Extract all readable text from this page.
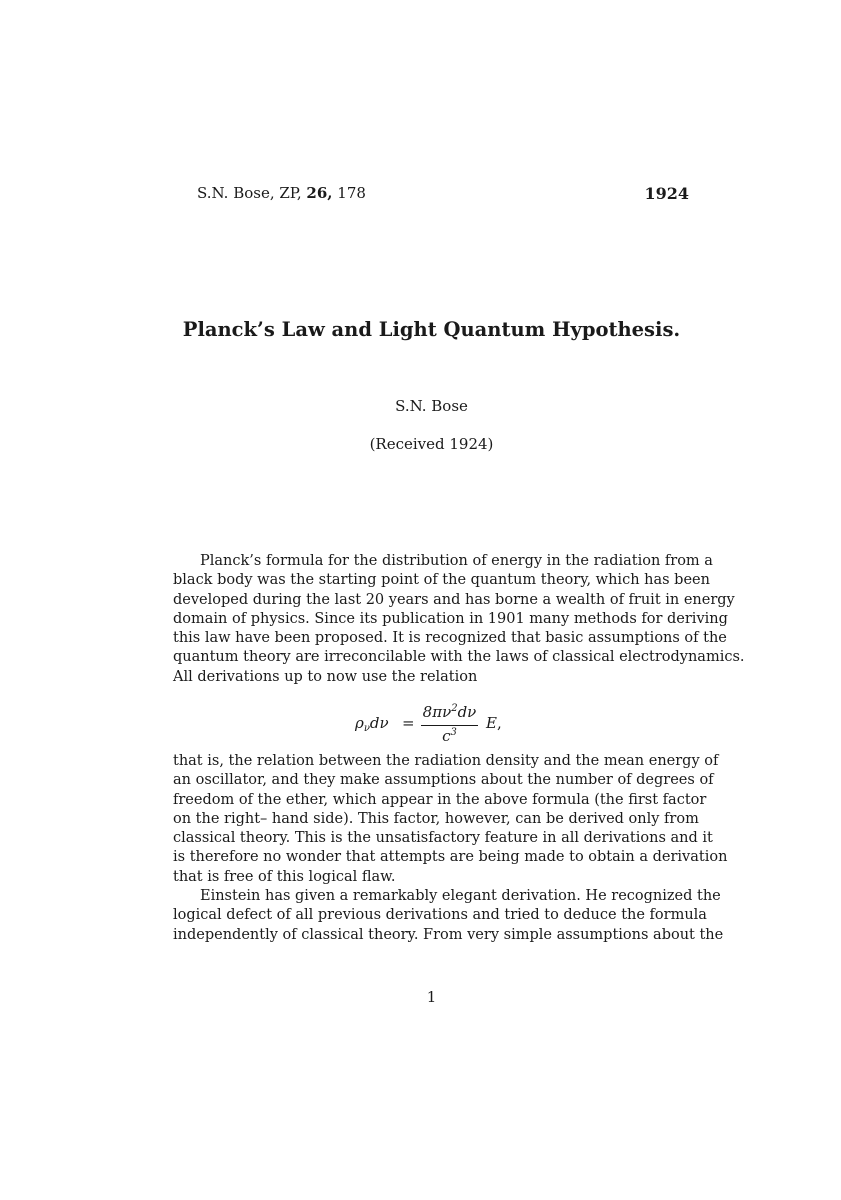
S.N. Bose, ZP, 26, 178	1924
Planck’s Law and Light Quantum Hypothesis.
S.N. Bose
(Received 1924)
Planck’s formula for the distribution of energy in the radiation from a
black body was the starting point of the quantum theory, which has been
developed during the last 20 years and has borne a wealth of fruit in energy
domain of physics. Since its publication in 1901 many methods for deriving
this law have been proposed. It is recognized that basic assumptions of the
quantum theory are irreconcilable with the laws of classical electrodynamics.
All derivations up to now use the relation
$\rho_\nu d\nu$ =
$8\pi\nu^2d\nu$
$c^3$
E,
that is, the relation between the radiation density and the mean energy of
an oscillator, and they make assumptions about the number of degrees of
freedom of the ether, which appear in the above formula (the first factor
on the right– hand side). This factor, however, can be derived only from
classical theory. This is the unsatisfactory feature in all derivations and it
is therefore no wonder that attempts are being made to obtain a derivation
that is free of this logical flaw.
Einstein has given a remarkably elegant derivation. He recognized the
logical defect of all previous derivations and tried to deduce the formula
independently of classical theory. From very simple assumptions about the
1
